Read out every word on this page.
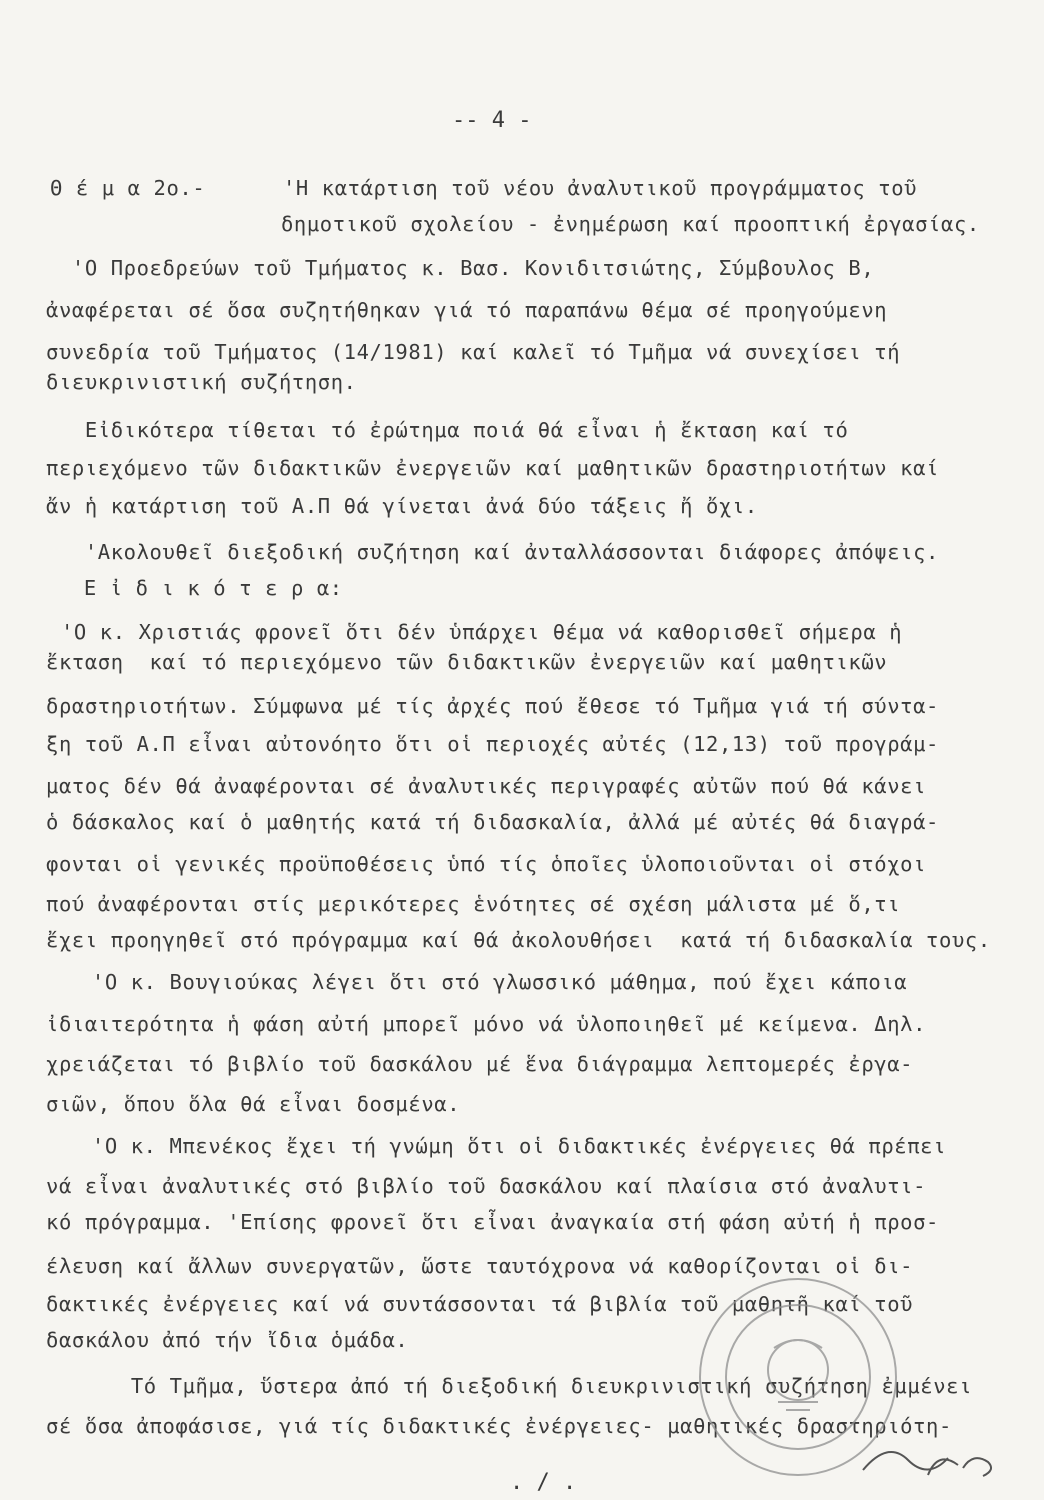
-- 4 -
Θ έ μ α 2ο.-      'Η κατάρτιση τοῦ νέου ἀναλυτικοῦ προγράμματος τοῦ
δημοτικοῦ σχολείου - ἐνημέρωση καί προοπτική ἐργασίας.
'Ο Προεδρεύων τοῦ Τμήματος κ. Βασ. Κονιδιτσιώτης, Σύμβουλος Β,
ἀναφέρεται σέ ὅσα συζητήθηκαν γιά τό παραπάνω θέμα σέ προηγούμενη
συνεδρία τοῦ Τμήματος (14/1981) καί καλεῖ τό Τμῆμα νά συνεχίσει τή
διευκρινιστική συζήτηση.
Εἰδικότερα τίθεται τό ἐρώτημα ποιά θά εἶναι ἡ ἔκταση καί τό
περιεχόμενο τῶν διδακτικῶν ἐνεργειῶν καί μαθητικῶν δραστηριοτήτων καί
ἄν ἡ κατάρτιση τοῦ Α.Π θά γίνεται ἀνά δύο τάξεις ἤ ὄχι.
'Ακολουθεῖ διεξοδική συζήτηση καί ἀνταλλάσσονται διάφορες ἀπόψεις.
Ε ἰ δ ι κ ό τ ε ρ α:
'Ο κ. Χριστιάς φρονεῖ ὅτι δέν ὑπάρχει θέμα νά καθορισθεῖ σήμερα ἡ
ἔκταση  καί τό περιεχόμενο τῶν διδακτικῶν ἐνεργειῶν καί μαθητικῶν
δραστηριοτήτων. Σύμφωνα μέ τίς ἀρχές πού ἔθεσε τό Τμῆμα γιά τή σύντα-
ξη τοῦ Α.Π εἶναι αὐτονόητο ὅτι οἱ περιοχές αὐτές (12,13) τοῦ προγράμ-
ματος δέν θά ἀναφέρονται σέ ἀναλυτικές περιγραφές αὐτῶν πού θά κάνει
ὁ δάσκαλος καί ὁ μαθητής κατά τή διδασκαλία, ἀλλά μέ αὐτές θά διαγρά-
φονται οἱ γενικές προϋποθέσεις ὑπό τίς ὁποῖες ὑλοποιοῦνται οἱ στόχοι
πού ἀναφέρονται στίς μερικότερες ἑνότητες σέ σχέση μάλιστα μέ ὅ,τι
ἔχει προηγηθεῖ στό πρόγραμμα καί θά ἀκολουθήσει  κατά τή διδασκαλία τους.
'Ο κ. Βουγιούκας λέγει ὅτι στό γλωσσικό μάθημα, πού ἔχει κάποια
ἰδιαιτερότητα ἡ φάση αὐτή μπορεῖ μόνο νά ὑλοποιηθεῖ μέ κείμενα. Δηλ.
χρειάζεται τό βιβλίο τοῦ δασκάλου μέ ἕνα διάγραμμα λεπτομερές ἐργα-
σιῶν, ὅπου ὅλα θά εἶναι δοσμένα.
'Ο κ. Μπενέκος ἔχει τή γνώμη ὅτι οἱ διδακτικές ἐνέργειες θά πρέπει
νά εἶναι ἀναλυτικές στό βιβλίο τοῦ δασκάλου καί πλαίσια στό ἀναλυτι-
κό πρόγραμμα. 'Επίσης φρονεῖ ὅτι εἶναι ἀναγκαία στή φάση αὐτή ἡ προσ-
έλευση καί ἄλλων συνεργατῶν, ὥστε ταυτόχρονα νά καθορίζονται οἱ δι-
δακτικές ἐνέργειες καί νά συντάσσονται τά βιβλία τοῦ μαθητῆ καί τοῦ
δασκάλου ἀπό τήν ἴδια ὁμάδα.
Τό Τμῆμα, ὕστερα ἀπό τή διεξοδική διευκρινιστική συζήτηση ἐμμένει
σέ ὅσα ἀποφάσισε, γιά τίς διδακτικές ἐνέργειες- μαθητικές δραστηριότη-
. / .
